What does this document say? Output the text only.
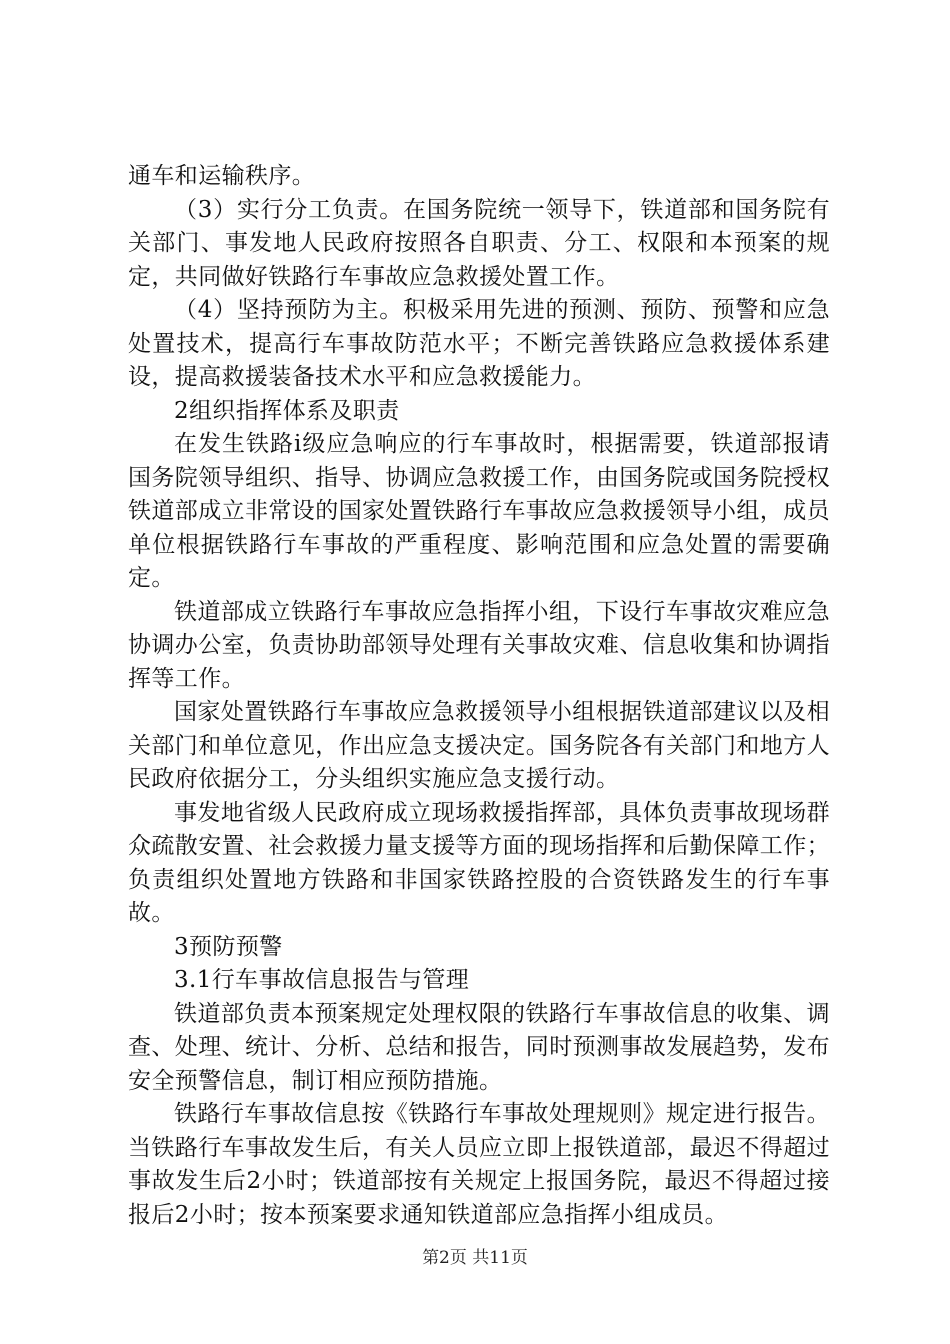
通车和运输秩序。

（3）实行分工负责。在国务院统一领导下，铁道部和国务院有关部门、事发地人民政府按照各自职责、分工、权限和本预案的规定，共同做好铁路行车事故应急救援处置工作。

（4）坚持预防为主。积极采用先进的预测、预防、预警和应急处置技术，提高行车事故防范水平；不断完善铁路应急救援体系建设，提高救援装备技术水平和应急救援能力。

2组织指挥体系及职责

在发生铁路ⅰ级应急响应的行车事故时，根据需要，铁道部报请国务院领导组织、指导、协调应急救援工作，由国务院或国务院授权铁道部成立非常设的国家处置铁路行车事故应急救援领导小组，成员单位根据铁路行车事故的严重程度、影响范围和应急处置的需要确定。

铁道部成立铁路行车事故应急指挥小组，下设行车事故灾难应急协调办公室，负责协助部领导处理有关事故灾难、信息收集和协调指挥等工作。

国家处置铁路行车事故应急救援领导小组根据铁道部建议以及相关部门和单位意见，作出应急支援决定。国务院各有关部门和地方人民政府依据分工，分头组织实施应急支援行动。

事发地省级人民政府成立现场救援指挥部，具体负责事故现场群众疏散安置、社会救援力量支援等方面的现场指挥和后勤保障工作；负责组织处置地方铁路和非国家铁路控股的合资铁路发生的行车事故。

3预防预警

3.1行车事故信息报告与管理

铁道部负责本预案规定处理权限的铁路行车事故信息的收集、调查、处理、统计、分析、总结和报告，同时预测事故发展趋势，发布安全预警信息，制订相应预防措施。

铁路行车事故信息按《铁路行车事故处理规则》规定进行报告。当铁路行车事故发生后，有关人员应立即上报铁道部，最迟不得超过事故发生后2小时；铁道部按有关规定上报国务院，最迟不得超过接报后2小时；按本预案要求通知铁道部应急指挥小组成员。

第2页 共11页
